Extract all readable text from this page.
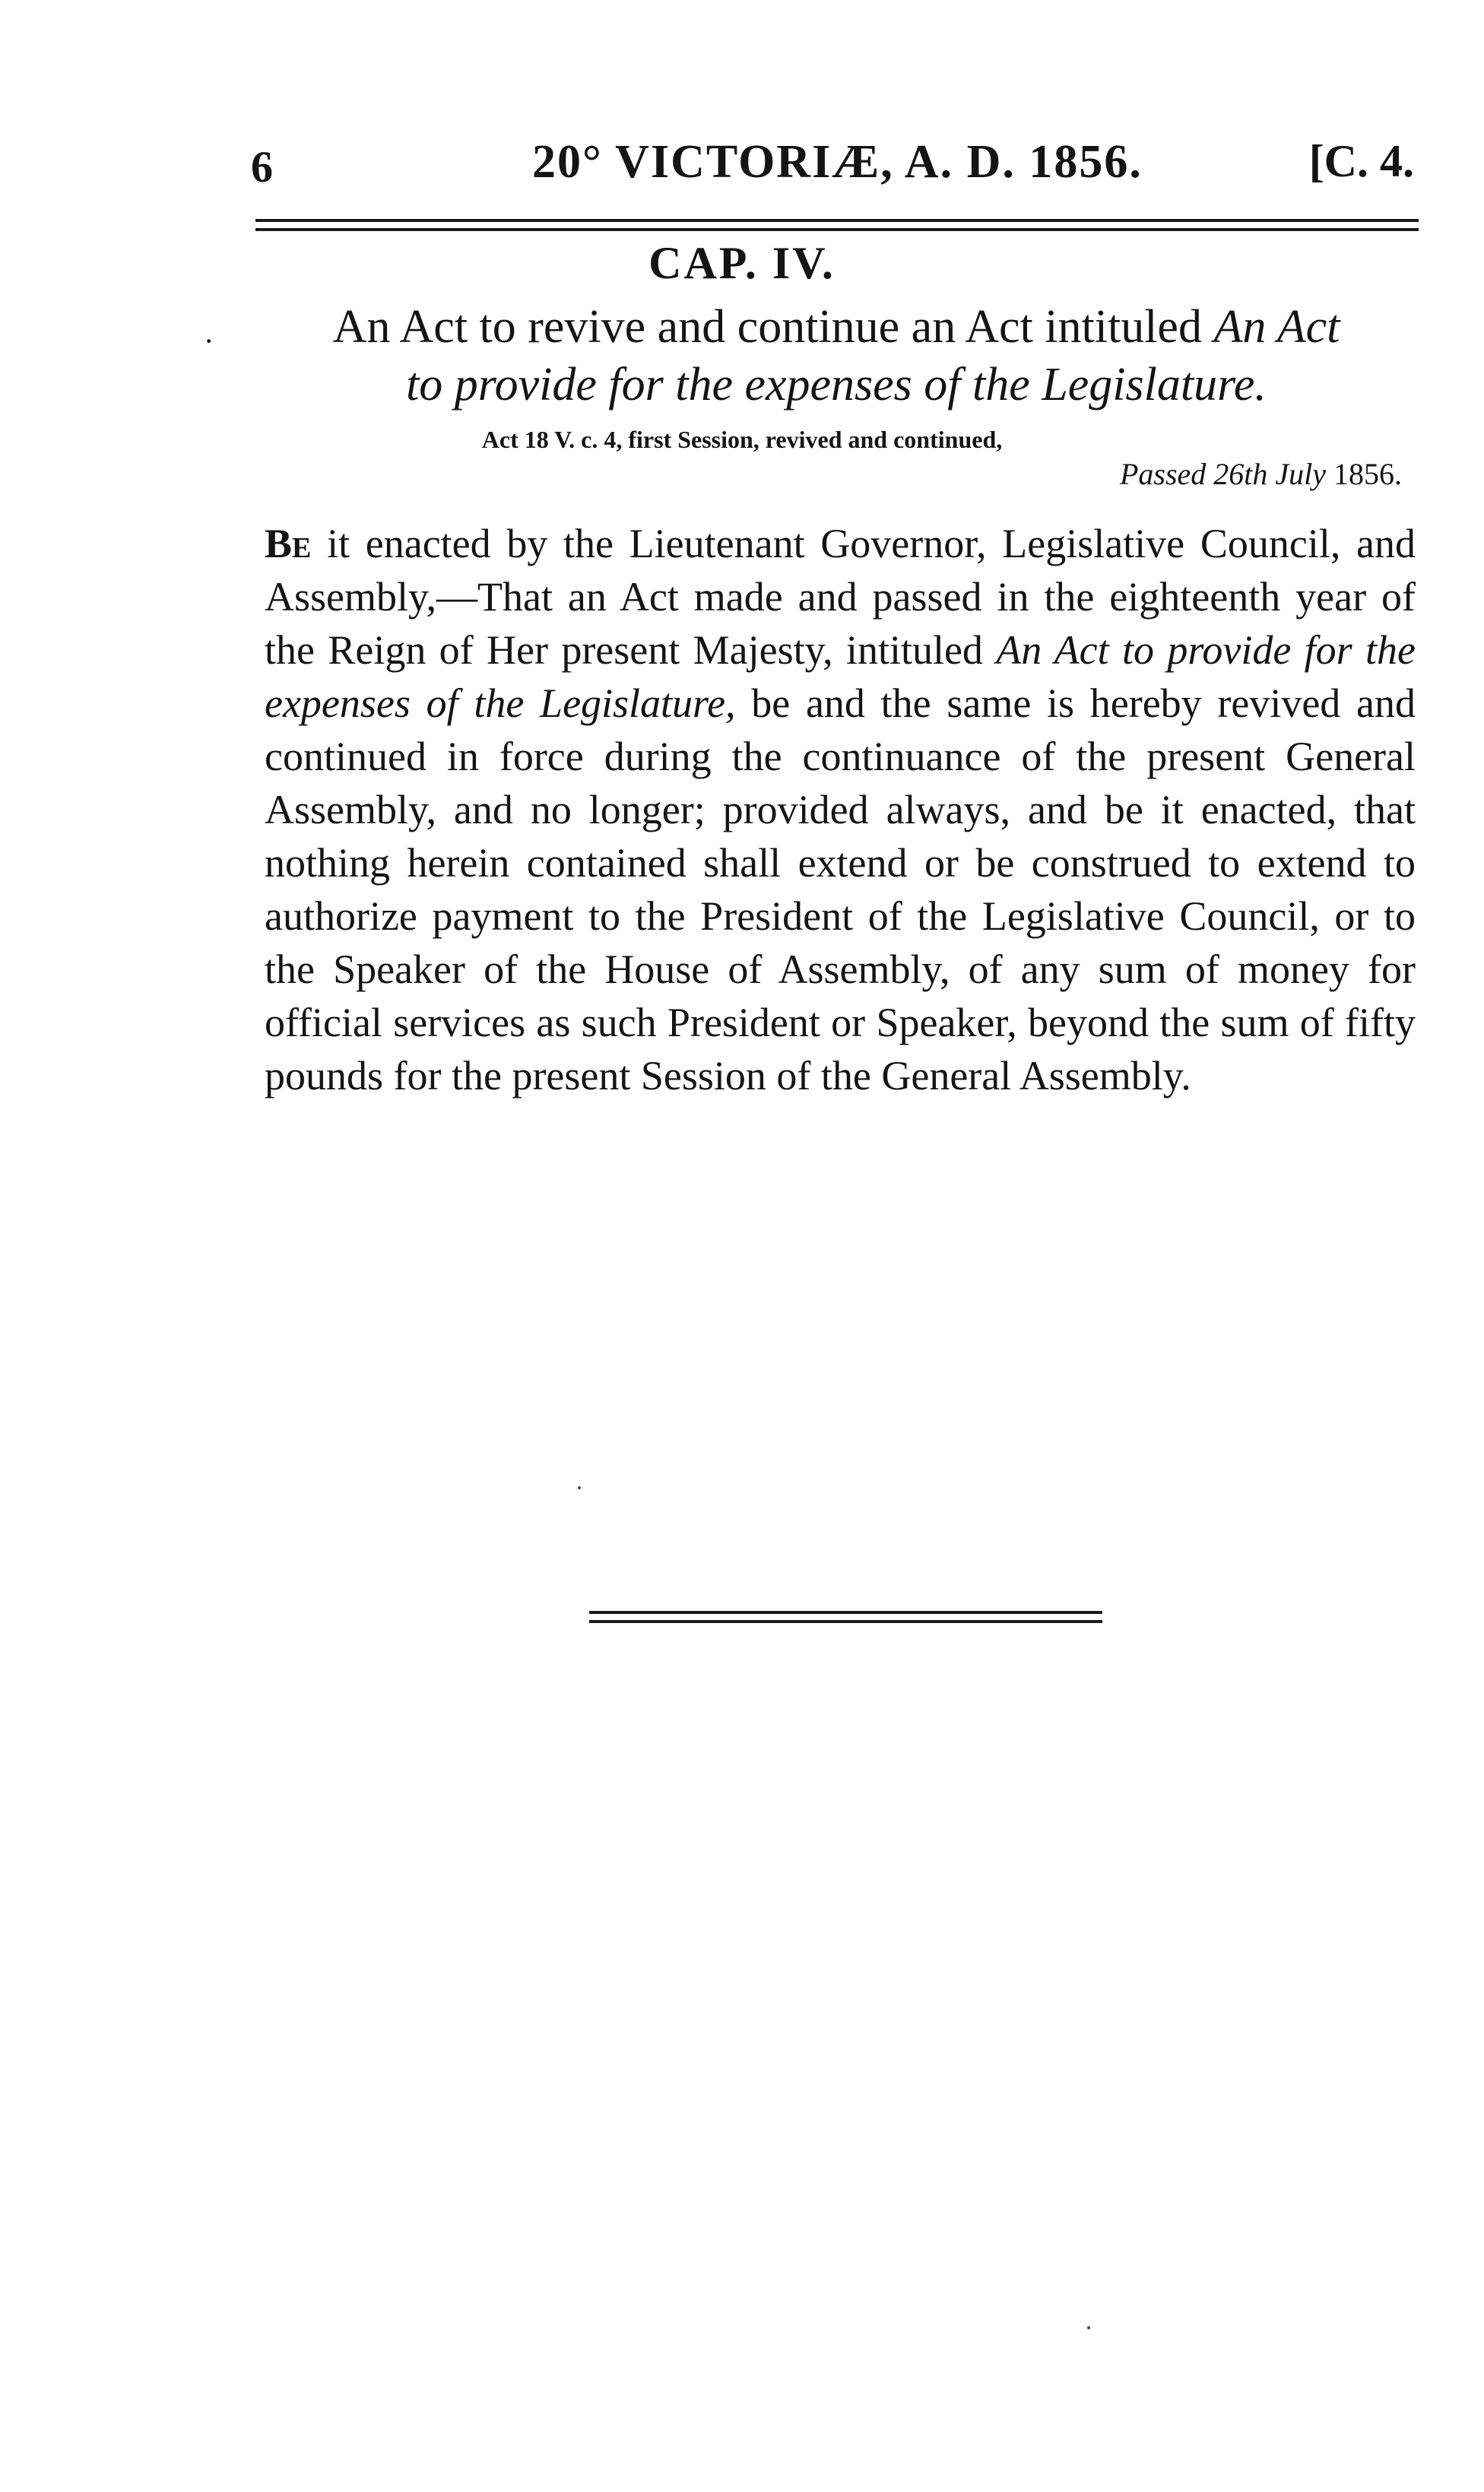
6	20° VICTORIÆ, A. D. 1856.	[C. 4.
CAP. IV.
·	An Act to revive and continue an Act intituled An Act
to provide for the expenses of the Legislature.
Act 18 V. c. 4, first Session, revived and continued,
Passed 26th July 1856.

Be it enacted by the Lieutenant Governor, Legislative Council, and Assembly,—That an Act made and passed in the eighteenth year of the Reign of Her present Majesty, intituled An Act to provide for the expenses of the Legislature, be and the same is hereby revived and continued in force during the continuance of the present General Assembly, and no longer; provided always, and be it enacted, that nothing herein contained shall extend or be construed to extend to authorize payment to the President of the Legislative Council, or to the Speaker of the House of Assembly, of any sum of money for official services as such President or Speaker, beyond the sum of fifty pounds for the present Session of the General Assembly.
